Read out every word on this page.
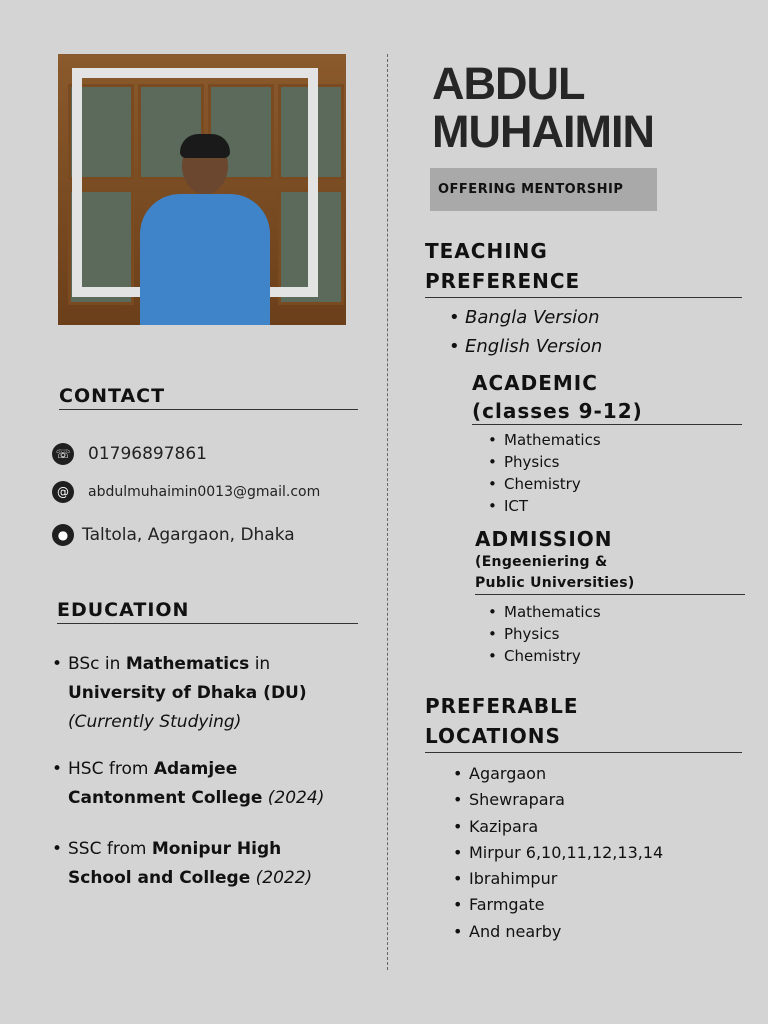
CONTACT
☏ 01796897861
@	abdulmuhaimin0013@gmail.com
● Taltola, Agargaon, Dhaka
EDUCATION
• BSc in Mathematics in
University of Dhaka (DU)
(Currently Studying)
• HSC from Adamjee
Cantonment College (2024)
• SSC from Monipur High
School and College (2022)
ABDUL
MUHAIMIN
OFFERING MENTORSHIP
TEACHING
PREFERENCE
• Bangla Version
• English Version
ACADEMIC
(classes 9-12)
• Mathematics
• Physics
• Chemistry
• ICT
ADMISSION
(Engeeniering &
Public Universities)
• Mathematics
• Physics
• Chemistry
PREFERABLE
LOCATIONS
• Agargaon
• Shewrapara
• Kazipara
• Mirpur 6,10,11,12,13,14
• Ibrahimpur
• Farmgate
• And nearby
